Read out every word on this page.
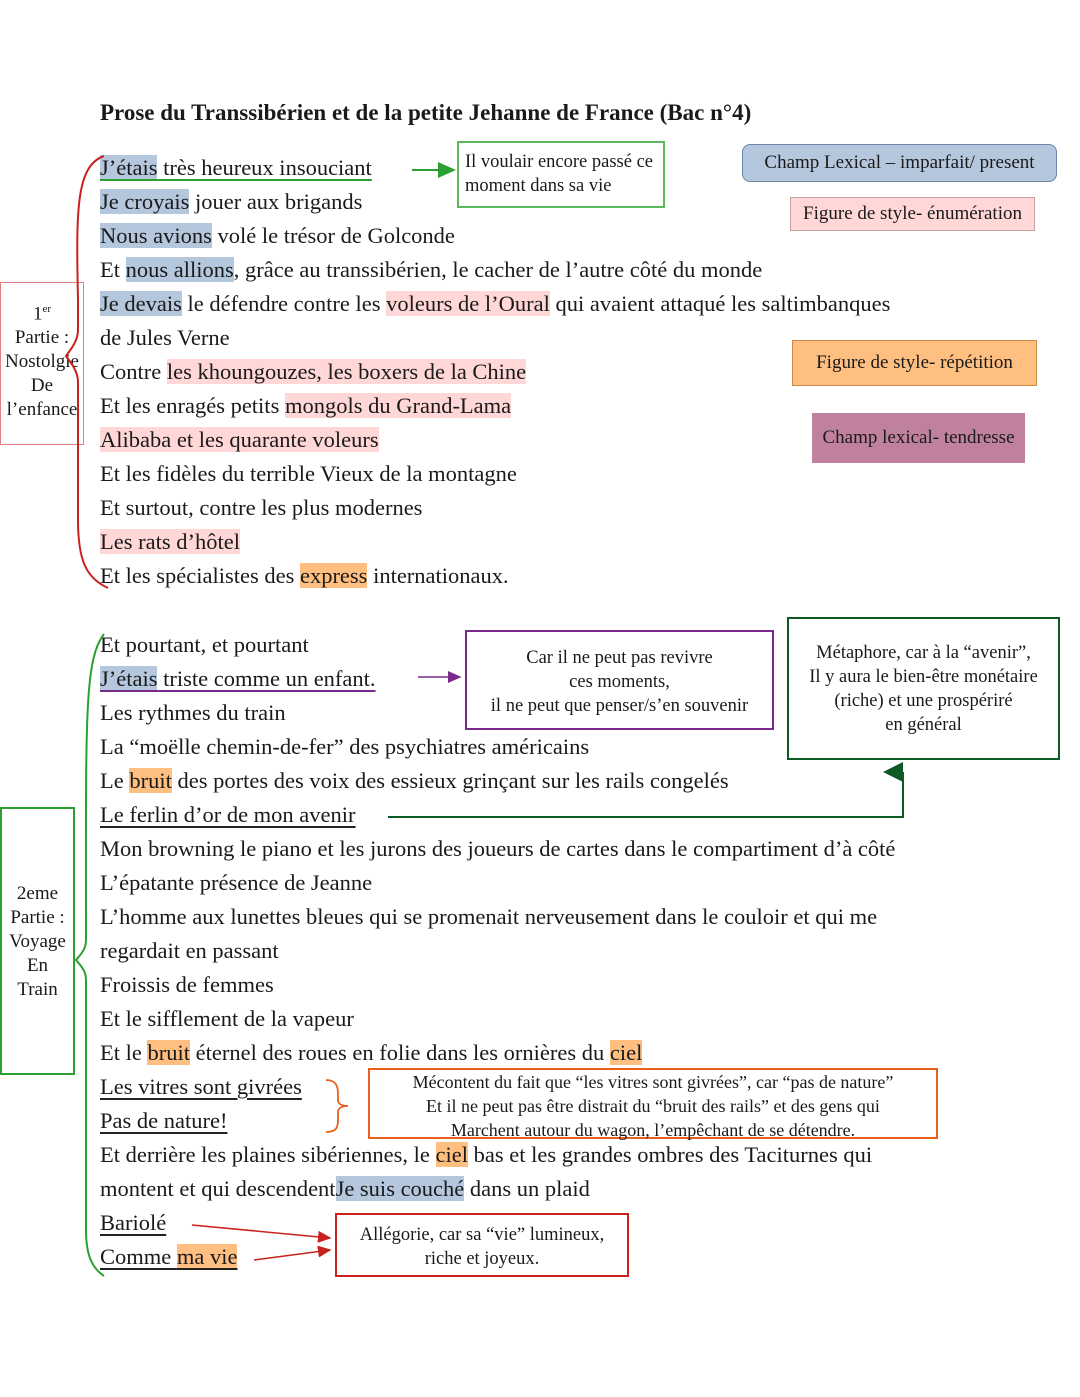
Prose du Transsibérien et de la petite Jehanne de France (Bac n°4)
Champ Lexical – imparfait/ present
Figure de style- énumération
Figure de style- répétition
Champ lexical- tendresse
1er
Partie :
Nostolgie
De
l’enfance
J’étais très heureux insouciant
Je croyais jouer aux brigands
Nous avions volé le trésor de Golconde
Et nous allions, grâce au transsibérien, le cacher de l’autre côté du monde
Je devais le défendre contre les voleurs de l’Oural qui avaient attaqué les saltimbanques
de Jules Verne
Contre les khoungouzes, les boxers de la Chine
Et les enragés petits mongols du Grand-Lama
Alibaba et les quarante voleurs
Et les fidèles du terrible Vieux de la montagne
Et surtout, contre les plus modernes
Les rats d’hôtel
Et les spécialistes des express internationaux.
Il voulair encore passé ce moment dans sa vie
2eme
Partie :
Voyage
En
Train
Et pourtant, et pourtant
J’étais triste comme un enfant.
Les rythmes du train
La “moëlle chemin-de-fer” des psychiatres américains
Le bruit des portes des voix des essieux grinçant sur les rails congelés
Le ferlin d’or de mon avenir
Mon browning le piano et les jurons des joueurs de cartes dans le compartiment d’à côté
L’épatante présence de Jeanne
L’homme aux lunettes bleues qui se promenait nerveusement dans le couloir et qui me
regardait en passant
Froissis de femmes
Et le sifflement de la vapeur
Et le bruit éternel des roues en folie dans les ornières du ciel
Les vitres sont givrées
Pas de nature!
Et derrière les plaines sibériennes, le ciel bas et les grandes ombres des Taciturnes qui
montent et qui descendentJe suis couché dans un plaid
Bariolé
Comme ma vie
Car il ne peut pas revivre
ces moments,
il ne peut que penser/s’en souvenir
Métaphore, car à la “avenir”,
Il y aura le bien-être monétaire
(riche) et une prospériré
en général
Mécontent du fait que “les vitres sont givrées”, car “pas de nature”
Et il ne peut pas être distrait du “bruit des rails” et des gens qui
Marchent autour du wagon, l’empêchant de se détendre.
Allégorie, car sa “vie” lumineux,
riche et joyeux.
